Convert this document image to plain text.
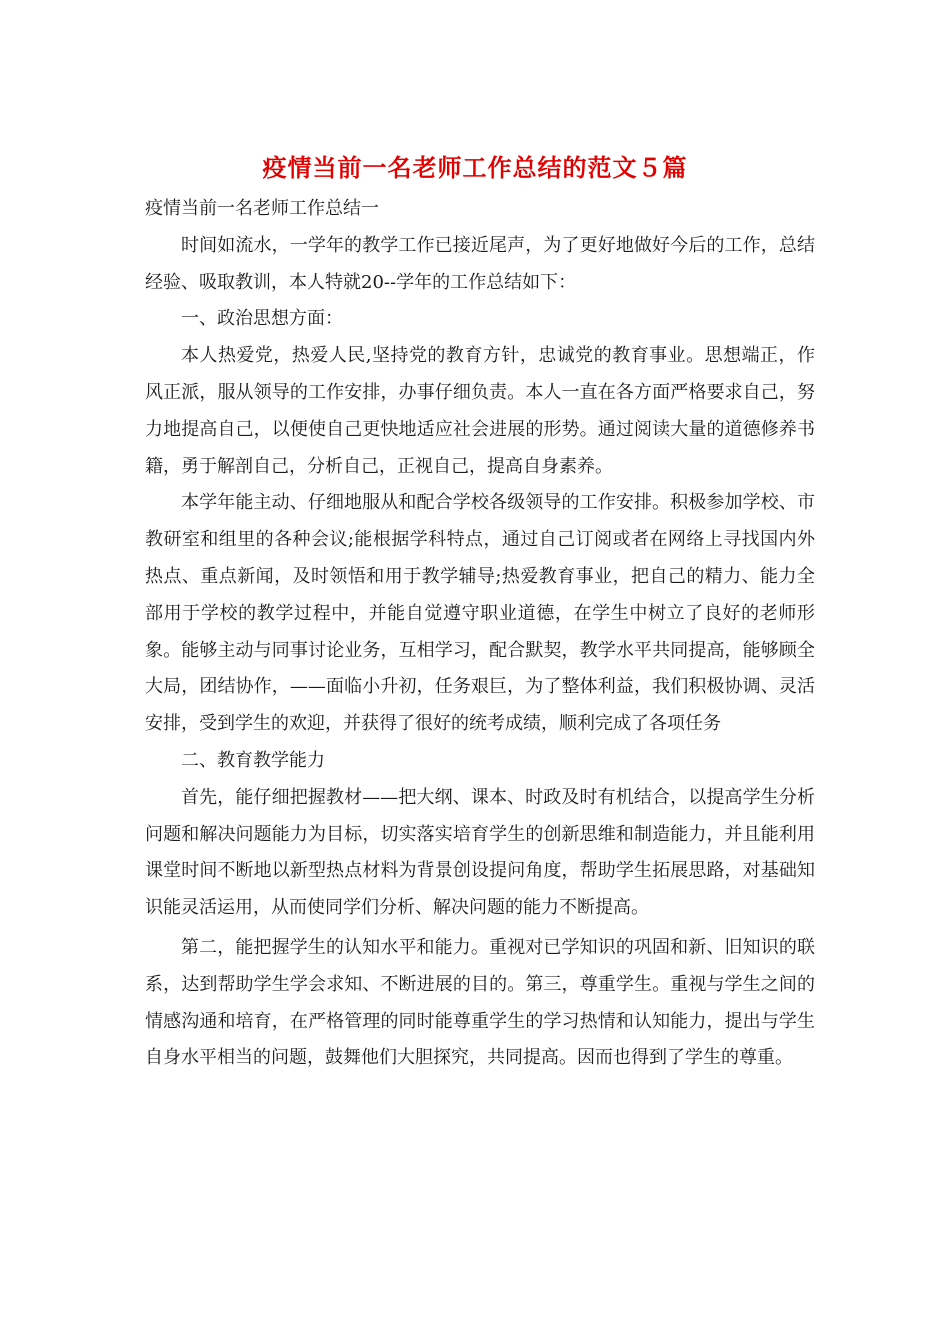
疫情当前一名老师工作总结的范文５篇

疫情当前一名老师工作总结一

时间如流水，一学年的教学工作已接近尾声，为了更好地做好今后的工作，总结经验、吸取教训，本人特就20--学年的工作总结如下：

一、政治思想方面：

本人热爱党，热爱人民,坚持党的教育方针，忠诚党的教育事业。思想端正，作风正派，服从领导的工作安排，办事仔细负责。本人一直在各方面严格要求自己，努力地提高自己，以便使自己更快地适应社会进展的形势。通过阅读大量的道德修养书籍，勇于解剖自己，分析自己，正视自己，提高自身素养。

本学年能主动、仔细地服从和配合学校各级领导的工作安排。积极参加学校、市教研室和组里的各种会议;能根据学科特点，通过自己订阅或者在网络上寻找国内外热点、重点新闻，及时领悟和用于教学辅导;热爱教育事业，把自己的精力、能力全部用于学校的教学过程中，并能自觉遵守职业道德，在学生中树立了良好的老师形象。能够主动与同事讨论业务，互相学习，配合默契，教学水平共同提高，能够顾全大局，团结协作，——面临小升初，任务艰巨，为了整体利益，我们积极协调、灵活安排，受到学生的欢迎，并获得了很好的统考成绩，顺利完成了各项任务

二、教育教学能力

首先，能仔细把握教材——把大纲、课本、时政及时有机结合，以提高学生分析问题和解决问题能力为目标，切实落实培育学生的创新思维和制造能力，并且能利用课堂时间不断地以新型热点材料为背景创设提问角度，帮助学生拓展思路，对基础知识能灵活运用，从而使同学们分析、解决问题的能力不断提高。

第二，能把握学生的认知水平和能力。重视对已学知识的巩固和新、旧知识的联系，达到帮助学生学会求知、不断进展的目的。第三，尊重学生。重视与学生之间的情感沟通和培育，在严格管理的同时能尊重学生的学习热情和认知能力，提出与学生自身水平相当的问题，鼓舞他们大胆探究，共同提高。因而也得到了学生的尊重。
